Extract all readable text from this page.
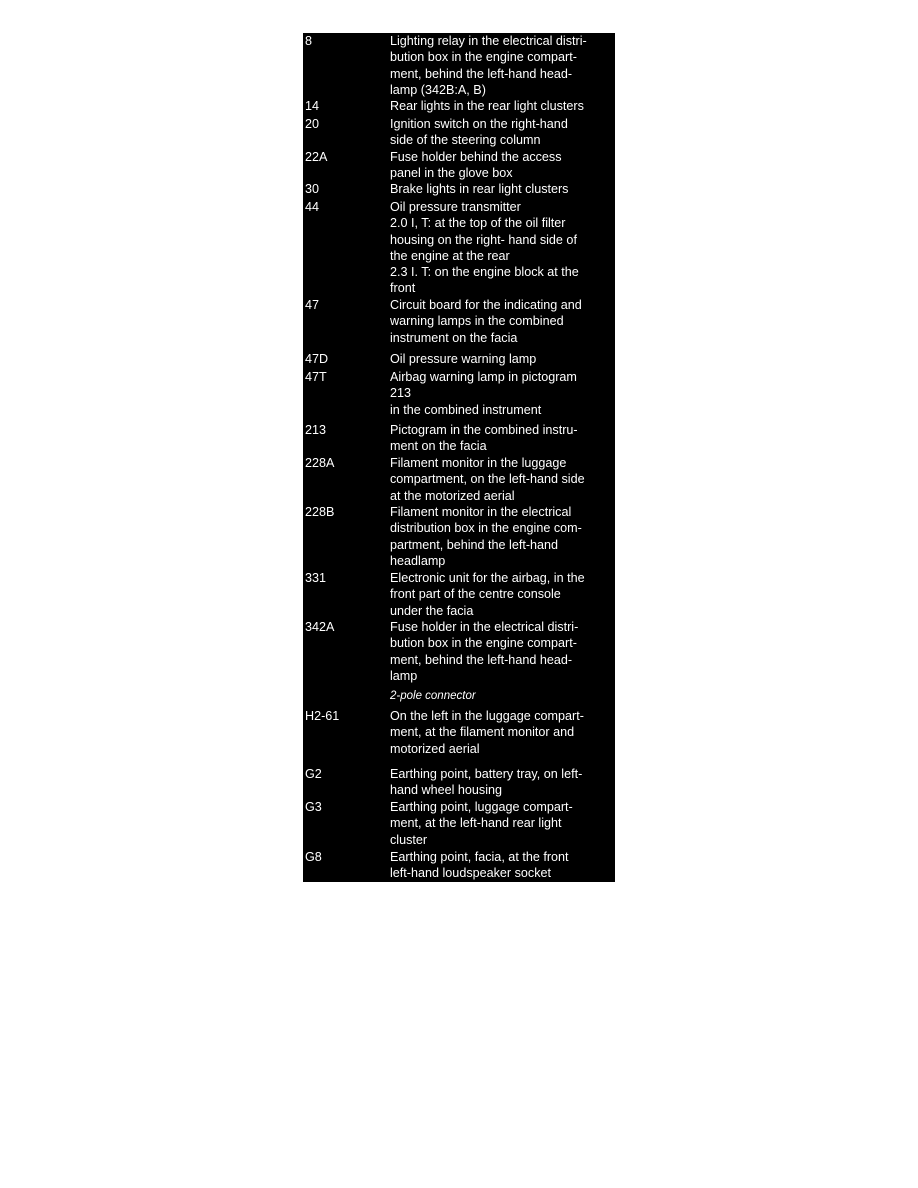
8	Lighting relay in the electrical distri-
bution box in the engine compart-
ment, behind the left-hand head-
lamp (342B:A, B)
14	Rear lights in the rear light clusters
20	Ignition switch on the right-hand
side of the steering column
22A	Fuse holder behind the access
panel in the glove box
30	Brake lights in rear light clusters
44	Oil pressure transmitter
2.0 I, T: at the top of the oil filter
housing on the right- hand side of
the engine at the rear
2.3 I. T: on the engine block at the
front
47	Circuit board for the indicating and
warning lamps in the combined
instrument on the facia
47D	Oil pressure warning lamp
47T	Airbag warning lamp in pictogram
213
in the combined instrument
213	Pictogram in the combined instru-
ment on the facia
228A	Filament monitor in the luggage
compartment, on the left-hand side
at the motorized aerial
228B	Filament monitor in the electrical
distribution box in the engine com-
partment, behind the left-hand
headlamp
331	Electronic unit for the airbag, in the
front part of the centre console
under the facia
342A	Fuse holder in the electrical distri-
bution box in the engine compart-
ment, behind the left-hand head-
lamp
2-pole connector
H2-61	On the left in the luggage compart-
ment, at the filament monitor and
motorized aerial
G2	Earthing point, battery tray, on left-
hand wheel housing
G3	Earthing point, luggage compart-
ment, at the left-hand rear light
cluster
G8	Earthing point, facia, at the front
left-hand loudspeaker socket
